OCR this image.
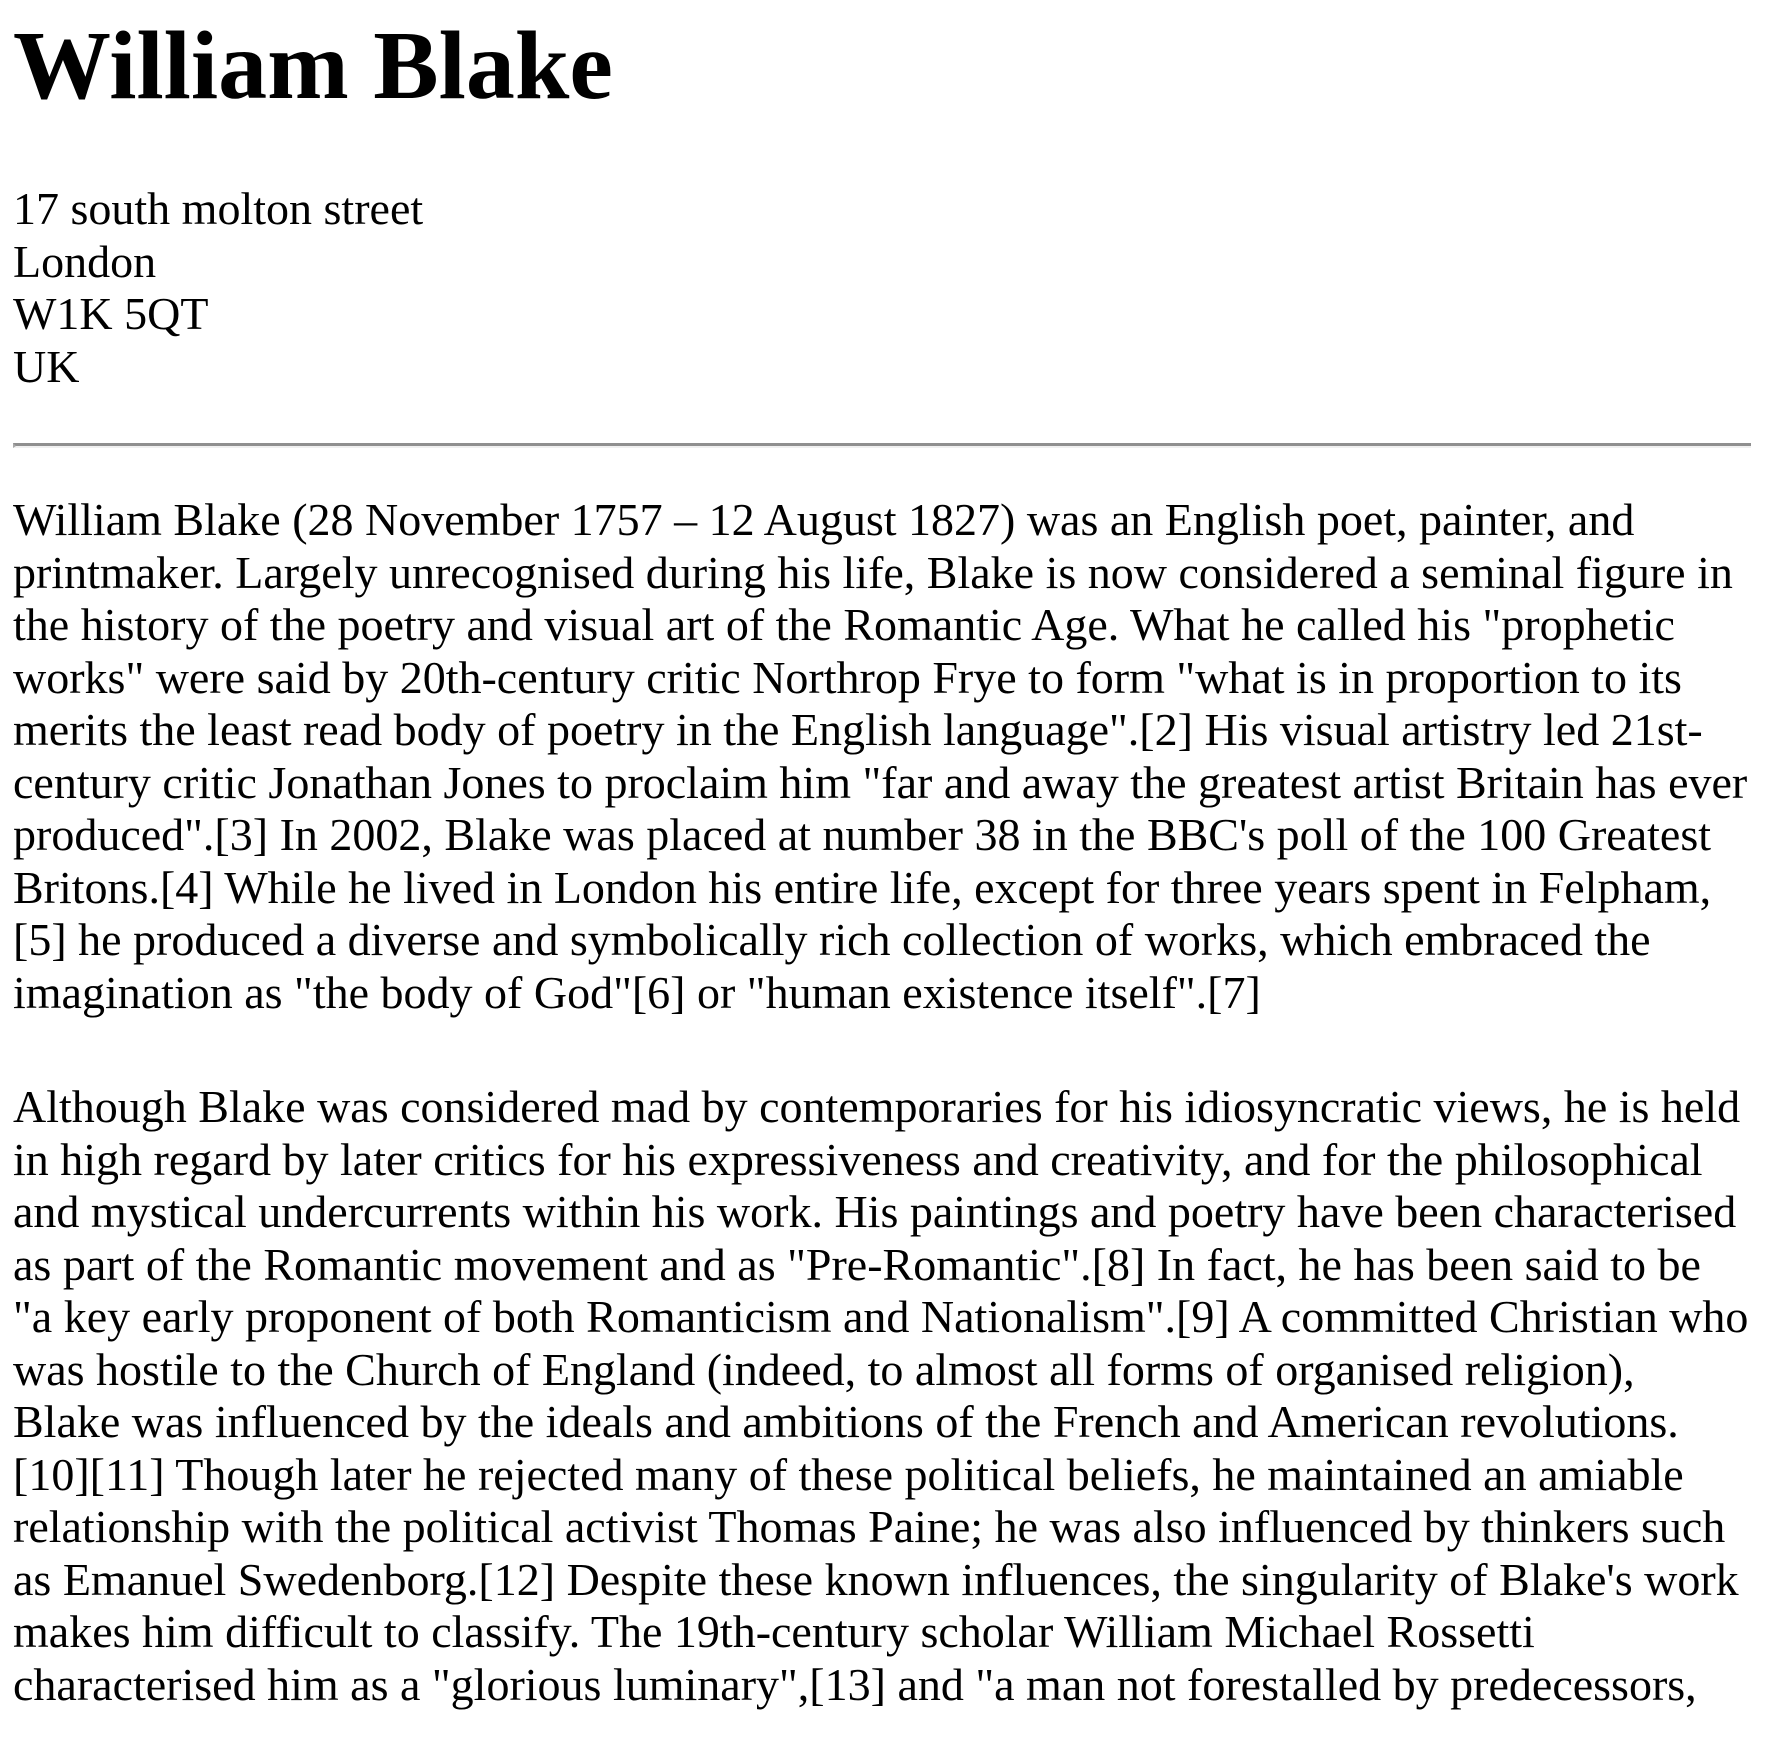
William Blake

17 south molton street
London
W1K 5QT
UK

William Blake (28 November 1757 – 12 August 1827) was an English poet, painter, and printmaker. Largely unrecognised during his life, Blake is now considered a seminal figure in the history of the poetry and visual art of the Romantic Age. What he called his "prophetic works" were said by 20th-century critic Northrop Frye to form "what is in proportion to its merits the least read body of poetry in the English language".[2] His visual artistry led 21st-century critic Jonathan Jones to proclaim him "far and away the greatest artist Britain has ever produced".[3] In 2002, Blake was placed at number 38 in the BBC's poll of the 100 Greatest Britons.[4] While he lived in London his entire life, except for three years spent in Felpham,[5] he produced a diverse and symbolically rich collection of works, which embraced the imagination as "the body of God"[6] or "human existence itself".[7]

Although Blake was considered mad by contemporaries for his idiosyncratic views, he is held in high regard by later critics for his expressiveness and creativity, and for the philosophical and mystical undercurrents within his work. His paintings and poetry have been characterised as part of the Romantic movement and as "Pre-Romantic".[8] In fact, he has been said to be "a key early proponent of both Romanticism and Nationalism".[9] A committed Christian who was hostile to the Church of England (indeed, to almost all forms of organised religion), Blake was influenced by the ideals and ambitions of the French and American revolutions.[10][11] Though later he rejected many of these political beliefs, he maintained an amiable relationship with the political activist Thomas Paine; he was also influenced by thinkers such as Emanuel Swedenborg.[12] Despite these known influences, the singularity of Blake's work makes him difficult to classify. The 19th-century scholar William Michael Rossetti characterised him as a "glorious luminary",[13] and "a man not forestalled by predecessors,
